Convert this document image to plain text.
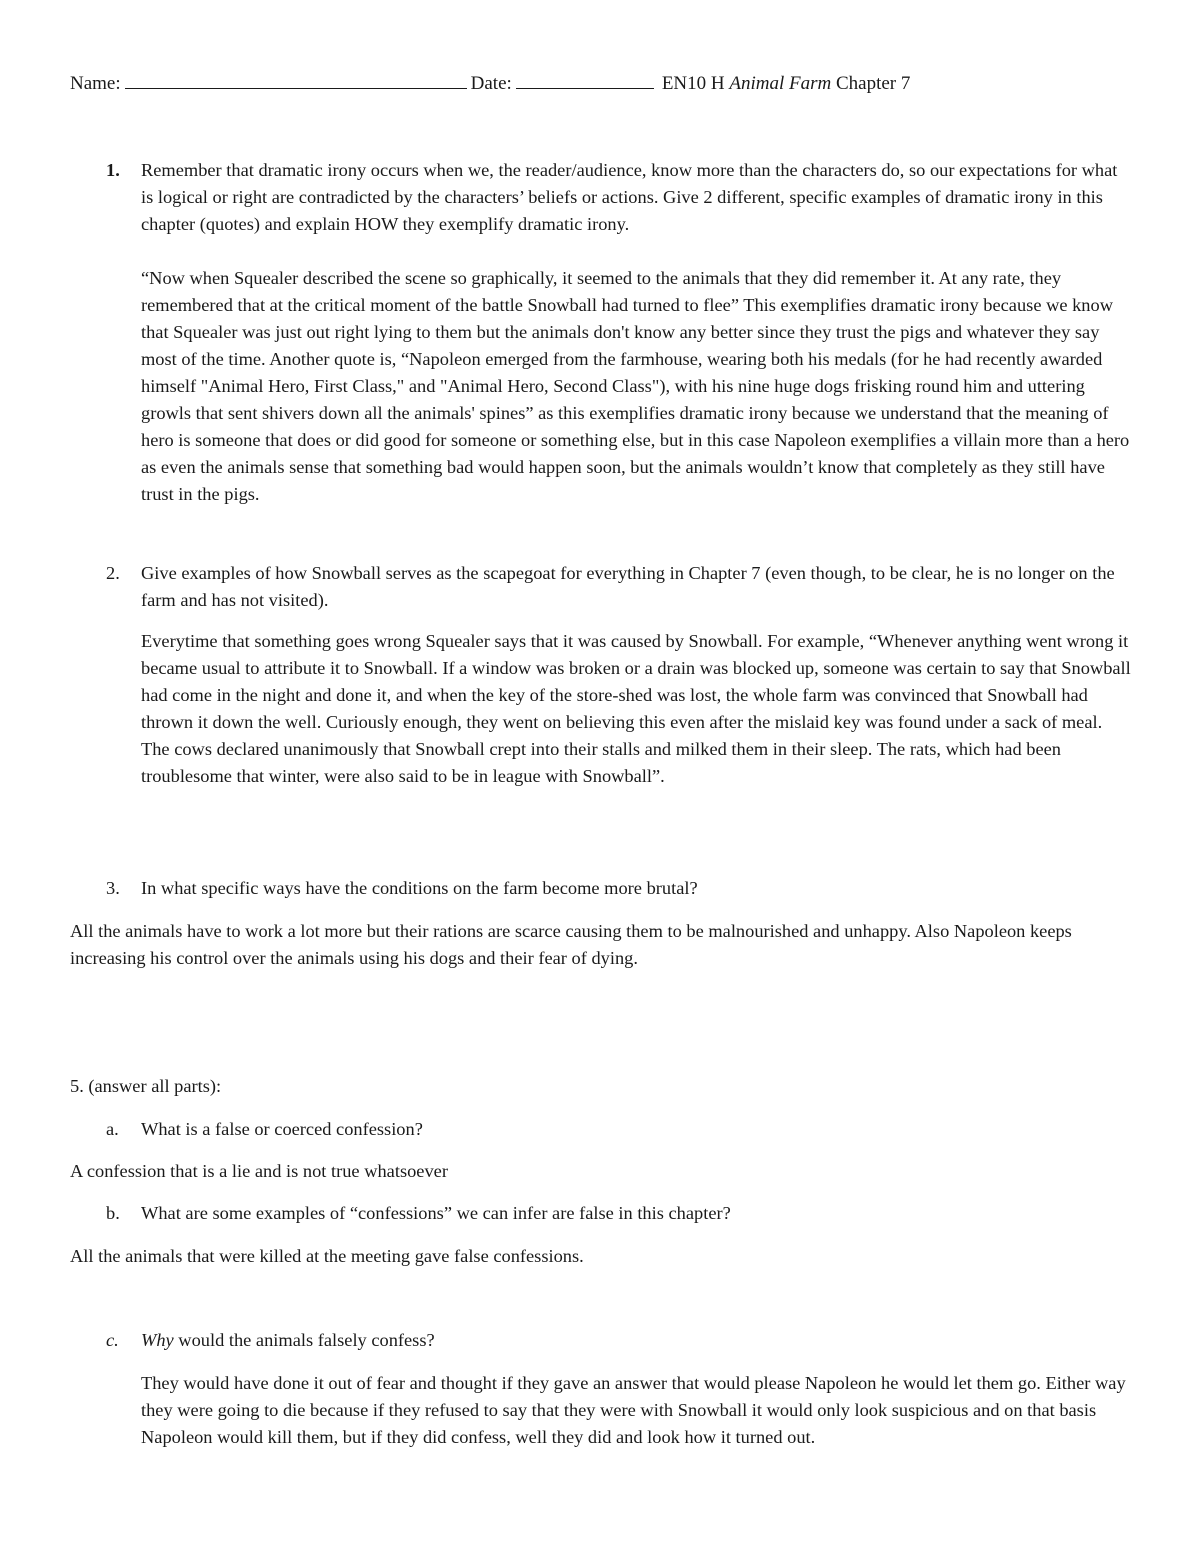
Name:	Date:	EN10 H Animal Farm Chapter 7
1. Remember that dramatic irony occurs when we, the reader/audience, know more than the characters do, so our expectations for what is logical or right are contradicted by the characters’ beliefs or actions. Give 2 different, specific examples of dramatic irony in this chapter (quotes) and explain HOW they exemplify dramatic irony.

“Now when Squealer described the scene so graphically, it seemed to the animals that they did remember it. At any rate, they remembered that at the critical moment of the battle Snowball had turned to flee” This exemplifies dramatic irony because we know that Squealer was just out right lying to them but the animals don't know any better since they trust the pigs and whatever they say most of the time. Another quote is, “Napoleon emerged from the farmhouse, wearing both his medals (for he had recently awarded himself "Animal Hero, First Class," and "Animal Hero, Second Class"), with his nine huge dogs frisking round him and uttering growls that sent shivers down all the animals' spines” as this exemplifies dramatic irony because we understand that the meaning of hero is someone that does or did good for someone or something else, but in this case Napoleon exemplifies a villain more than a hero as even the animals sense that something bad would happen soon, but the animals wouldn’t know that completely as they still have trust in the pigs.

2. Give examples of how Snowball serves as the scapegoat for everything in Chapter 7 (even though, to be clear, he is no longer on the farm and has not visited).

Everytime that something goes wrong Squealer says that it was caused by Snowball. For example, “Whenever anything went wrong it became usual to attribute it to Snowball. If a window was broken or a drain was blocked up, someone was certain to say that Snowball had come in the night and done it, and when the key of the store-shed was lost, the whole farm was convinced that Snowball had thrown it down the well. Curiously enough, they went on believing this even after the mislaid key was found under a sack of meal. The cows declared unanimously that Snowball crept into their stalls and milked them in their sleep. The rats, which had been troublesome that winter, were also said to be in league with Snowball”.

3. In what specific ways have the conditions on the farm become more brutal?

All the animals have to work a lot more but their rations are scarce causing them to be malnourished and unhappy. Also Napoleon keeps increasing his control over the animals using his dogs and their fear of dying.

5. (answer all parts):

a. What is a false or coerced confession?

A confession that is a lie and is not true whatsoever

b. What are some examples of “confessions” we can infer are false in this chapter?

All the animals that were killed at the meeting gave false confessions.

c. Why would the animals falsely confess?

They would have done it out of fear and thought if they gave an answer that would please Napoleon he would let them go. Either way they were going to die because if they refused to say that they were with Snowball it would only look suspicious and on that basis Napoleon would kill them, but if they did confess, well they did and look how it turned out.
